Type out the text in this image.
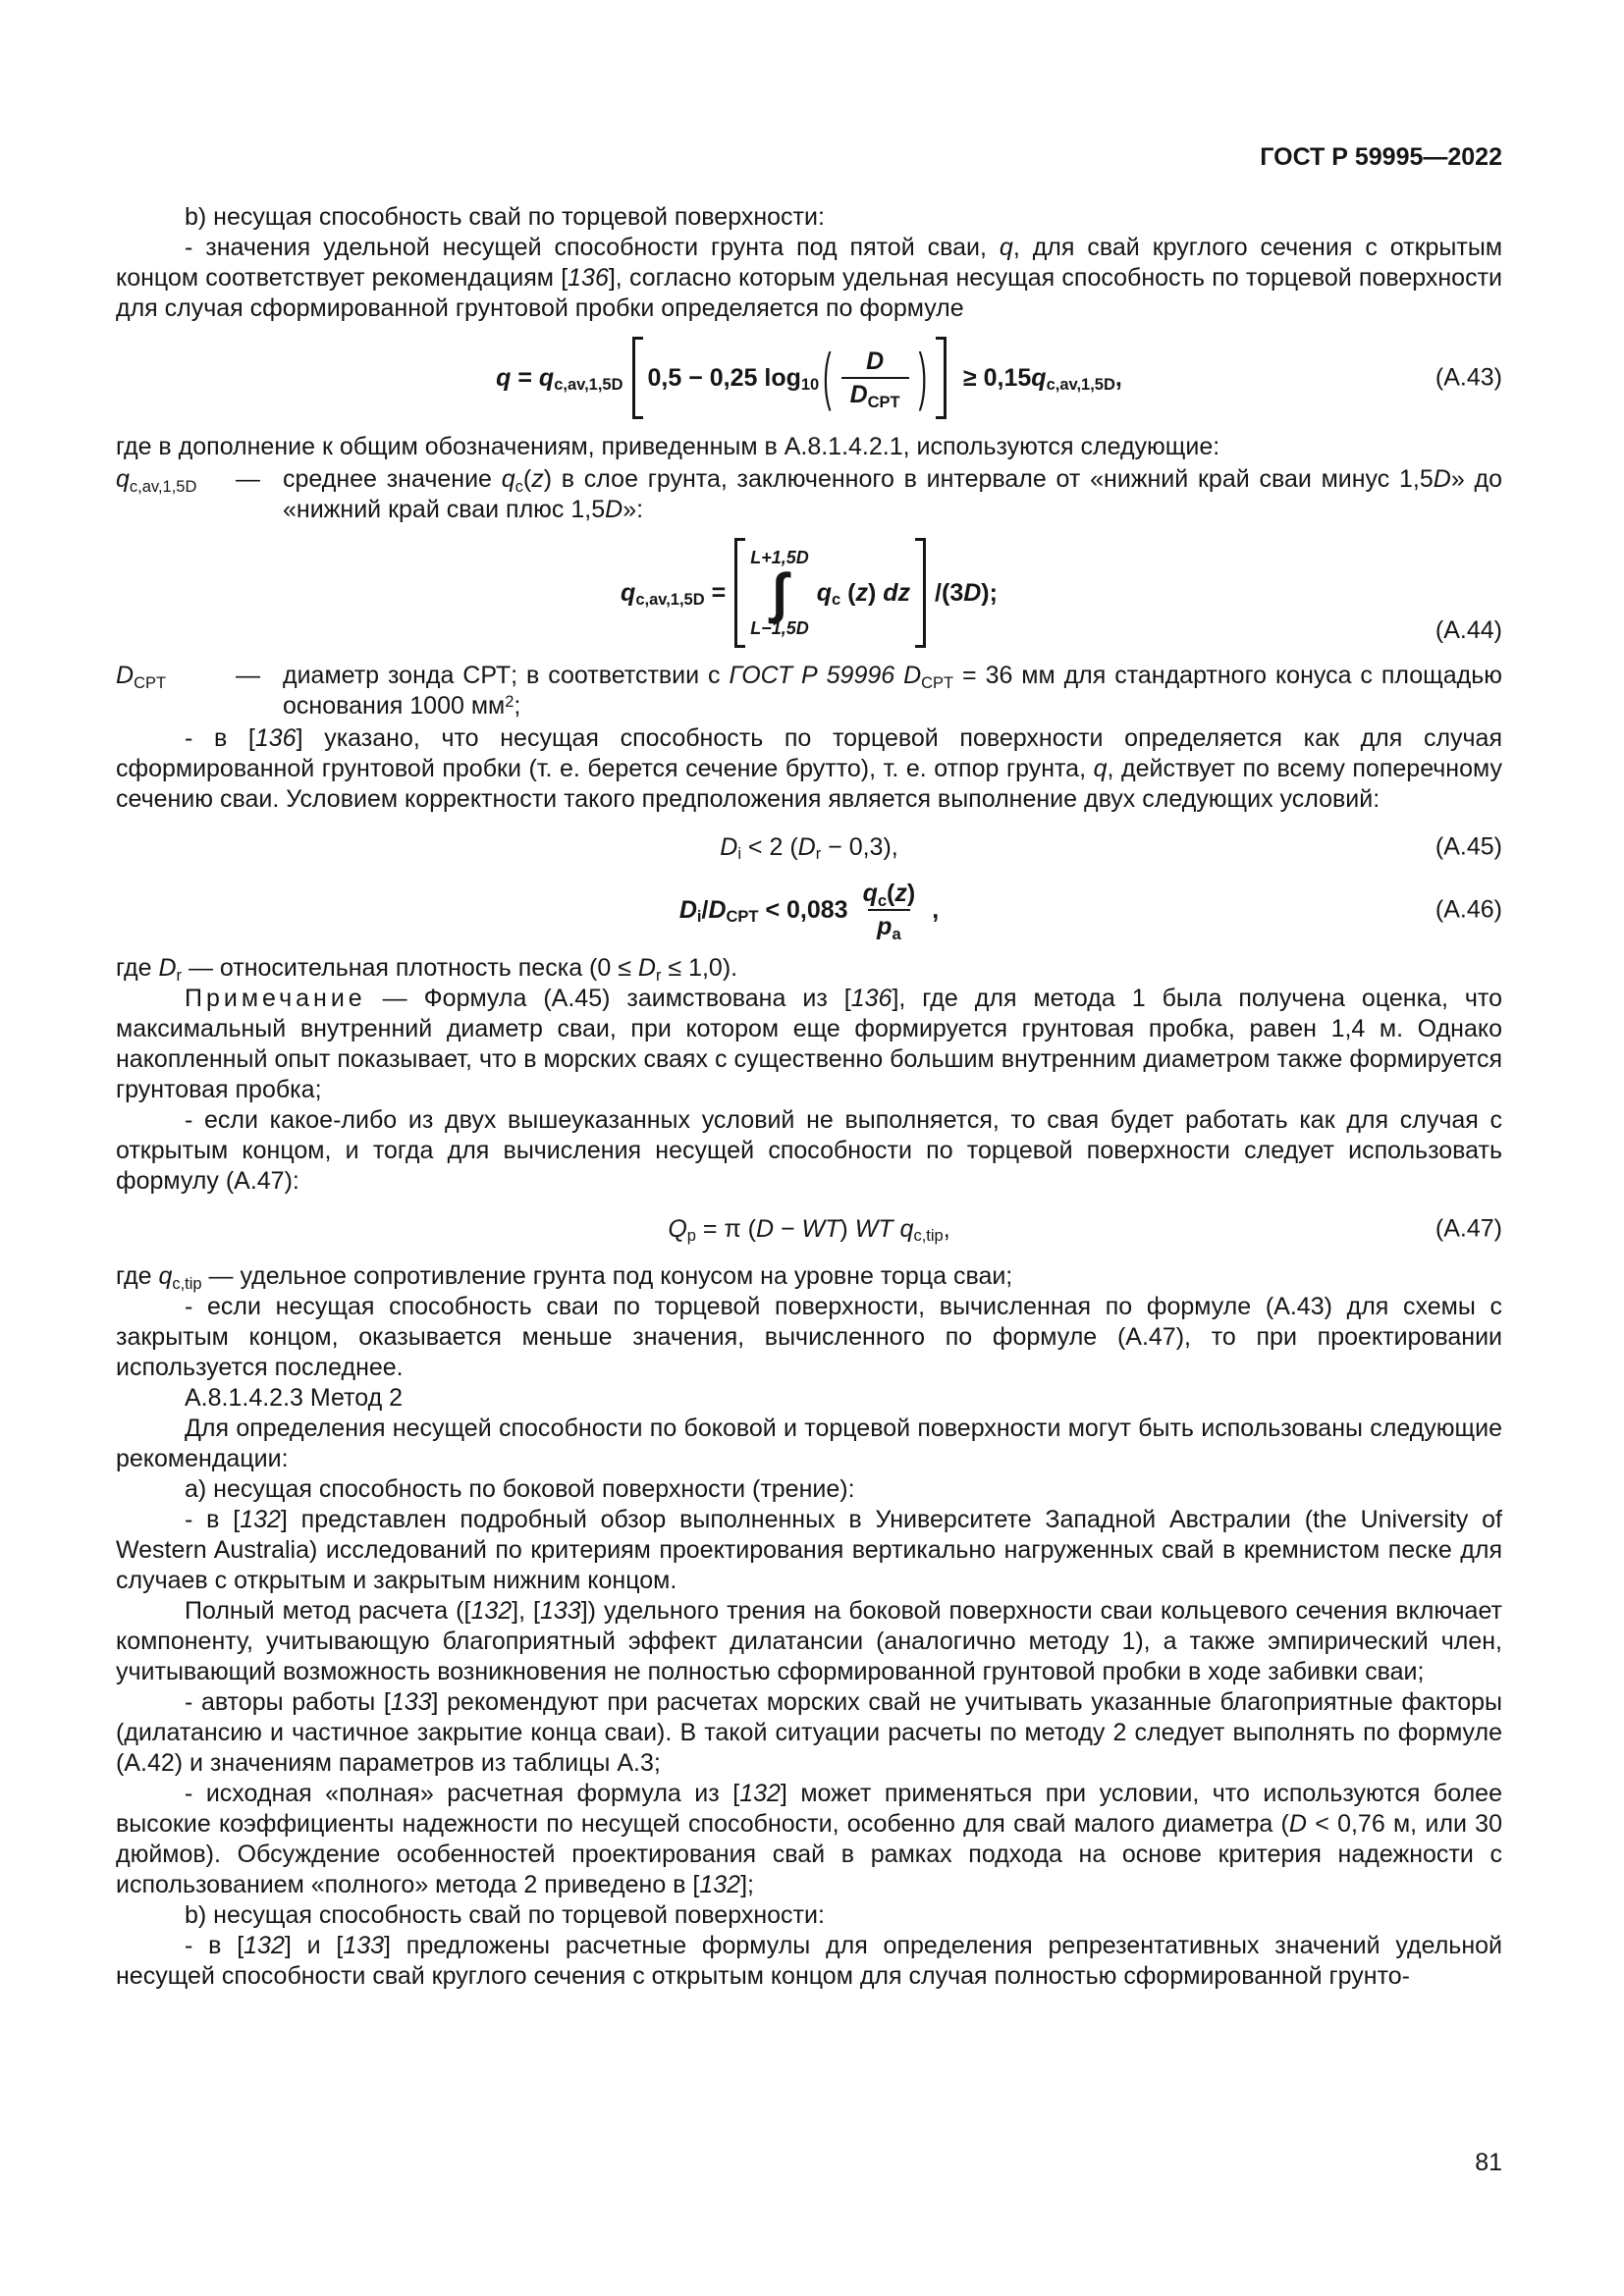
ГОСТ Р 59995—2022
b) несущая способность свай по торцевой поверхности:
- значения удельной несущей способности грунта под пятой сваи, q, для свай круглого сечения с открытым концом соответствует рекомендациям [136], согласно которым удельная несущая способность по торцевой поверхности для случая сформированной грунтовой пробки определяется по формуле
$q = q_{c,av,1,5D}$ 0,5 − 0,25 $\log_{10}$ ( $\frac{D}{D_{CPT}}$ ) ≥ $0,15q_{c,av,1,5D}$,	(А.43)
где в дополнение к общим обозначениям, приведенным в А.8.1.4.2.1, используются следующие:
$q_{c,av,1,5D}$	— среднее значение $q_c(z)$ в слое грунта, заключенного в интервале от «нижний край сваи минус 1,5D» до «нижний край сваи плюс 1,5D»:
$q_{c,av,1,5D}$ =
L+1,5D
∫
L−1,5D
$q_c$ (z) dz /(3D);
(А.44)
$D_{CPT}$	— диаметр зонда СРТ; в соответствии с ГОСТ Р 59996 $D_{CPT} = 36$ мм для стандартного конуса с площадью основания 1000 $мм^2$;
- в [136] указано, что несущая способность по торцевой поверхности определяется как для случая сформированной грунтовой пробки (т. е. берется сечение брутто), т. е. отпор грунта, q, действует по всему поперечному сечению сваи. Условием корректности такого предположения является выполнение двух следующих условий:
$D_i < 2$ $(D_r - 0,3)$,	(А.45)
$D_i/D_{CPT} < 0,083 \frac{q_c(z)}{p_a}$ ,	(А.46)
где $D_r$ — относительная плотность песка $(0 \le D_r \le 1,0)$.
Примечание — Формула (А.45) заимствована из [136], где для метода 1 была получена оценка, что максимальный внутренний диаметр сваи, при котором еще формируется грунтовая пробка, равен 1,4 м. Однако накопленный опыт показывает, что в морских сваях с существенно большим внутренним диаметром также формируется грунтовая пробка;
- если какое-либо из двух вышеуказанных условий не выполняется, то свая будет работать как для случая с открытым концом, и тогда для вычисления несущей способности по торцевой поверхности следует использовать формулу (А.47):
$Q_p = \pi$ (D − WT) WT $q_{c,tip}$,	(А.47)
где $q_{c,tip}$ — удельное сопротивление грунта под конусом на уровне торца сваи;
- если несущая способность сваи по торцевой поверхности, вычисленная по формуле (А.43) для схемы с закрытым концом, оказывается меньше значения, вычисленного по формуле (А.47), то при проектировании используется последнее.
А.8.1.4.2.3 Метод 2
Для определения несущей способности по боковой и торцевой поверхности могут быть использованы следующие рекомендации:
a) несущая способность по боковой поверхности (трение):
- в [132] представлен подробный обзор выполненных в Университете Западной Австралии (the University of Western Australia) исследований по критериям проектирования вертикально нагруженных свай в кремнистом песке для случаев с открытым и закрытым нижним концом.
Полный метод расчета ([132], [133]) удельного трения на боковой поверхности сваи кольцевого сечения включает компоненту, учитывающую благоприятный эффект дилатансии (аналогично методу 1), а также эмпирический член, учитывающий возможность возникновения не полностью сформированной грунтовой пробки в ходе забивки сваи;
- авторы работы [133] рекомендуют при расчетах морских свай не учитывать указанные благоприятные факторы (дилатансию и частичное закрытие конца сваи). В такой ситуации расчеты по методу 2 следует выполнять по формуле (А.42) и значениям параметров из таблицы А.3;
- исходная «полная» расчетная формула из [132] может применяться при условии, что используются более высокие коэффициенты надежности по несущей способности, особенно для свай малого диаметра (D < 0,76 м, или 30 дюймов). Обсуждение особенностей проектирования свай в рамках подхода на основе критерия надежности с использованием «полного» метода 2 приведено в [132];
b) несущая способность свай по торцевой поверхности:
- в [132] и [133] предложены расчетные формулы для определения репрезентативных значений удельной несущей способности свай круглого сечения с открытым концом для случая полностью сформированной грунто-
81
